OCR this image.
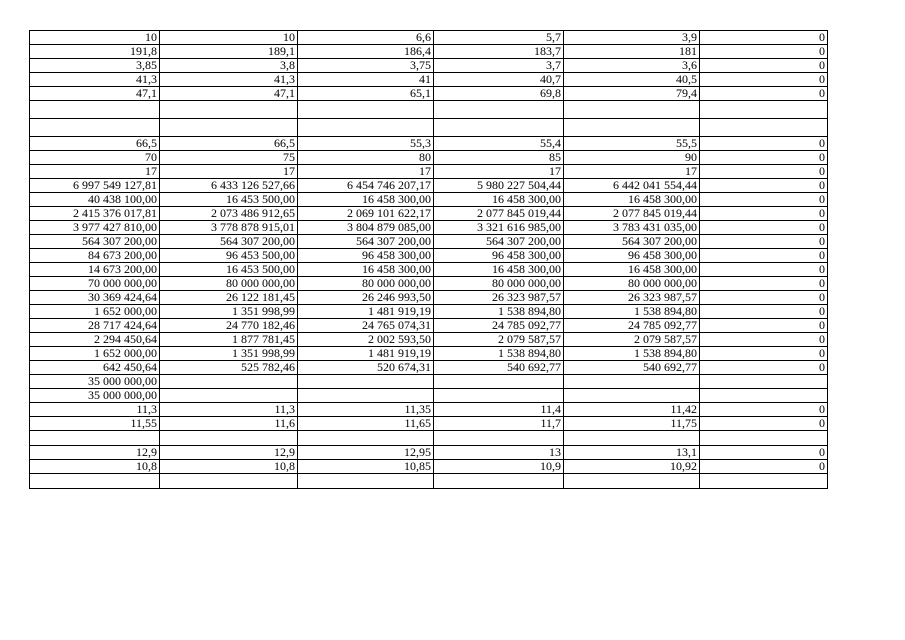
10	10	6,6	5,7	3,9	0
191,8	189,1	186,4	183,7	181	0
3,85	3,8	3,75	3,7	3,6	0
41,3	41,3	41	40,7	40,5	0
47,1	47,1	65,1	69,8	79,4	0

66,5	66,5	55,3	55,4	55,5	0
70	75	80	85	90	0
17	17	17	17	17	0
6 997 549 127,81	6 433 126 527,66	6 454 746 207,17	5 980 227 504,44	6 442 041 554,44	0
40 438 100,00	16 453 500,00	16 458 300,00	16 458 300,00	16 458 300,00	0
2 415 376 017,81	2 073 486 912,65	2 069 101 622,17	2 077 845 019,44	2 077 845 019,44	0
3 977 427 810,00	3 778 878 915,01	3 804 879 085,00	3 321 616 985,00	3 783 431 035,00	0
564 307 200,00	564 307 200,00	564 307 200,00	564 307 200,00	564 307 200,00	0
84 673 200,00	96 453 500,00	96 458 300,00	96 458 300,00	96 458 300,00	0
14 673 200,00	16 453 500,00	16 458 300,00	16 458 300,00	16 458 300,00	0
70 000 000,00	80 000 000,00	80 000 000,00	80 000 000,00	80 000 000,00	0
30 369 424,64	26 122 181,45	26 246 993,50	26 323 987,57	26 323 987,57	0
1 652 000,00	1 351 998,99	1 481 919,19	1 538 894,80	1 538 894,80	0
28 717 424,64	24 770 182,46	24 765 074,31	24 785 092,77	24 785 092,77	0
2 294 450,64	1 877 781,45	2 002 593,50	2 079 587,57	2 079 587,57	0
1 652 000,00	1 351 998,99	1 481 919,19	1 538 894,80	1 538 894,80	0
642 450,64	525 782,46	520 674,31	540 692,77	540 692,77	0
35 000 000,00					
35 000 000,00					
11,3	11,3	11,35	11,4	11,42	0
11,55	11,6	11,65	11,7	11,75	0

12,9	12,9	12,95	13	13,1	0
10,8	10,8	10,85	10,9	10,92	0
